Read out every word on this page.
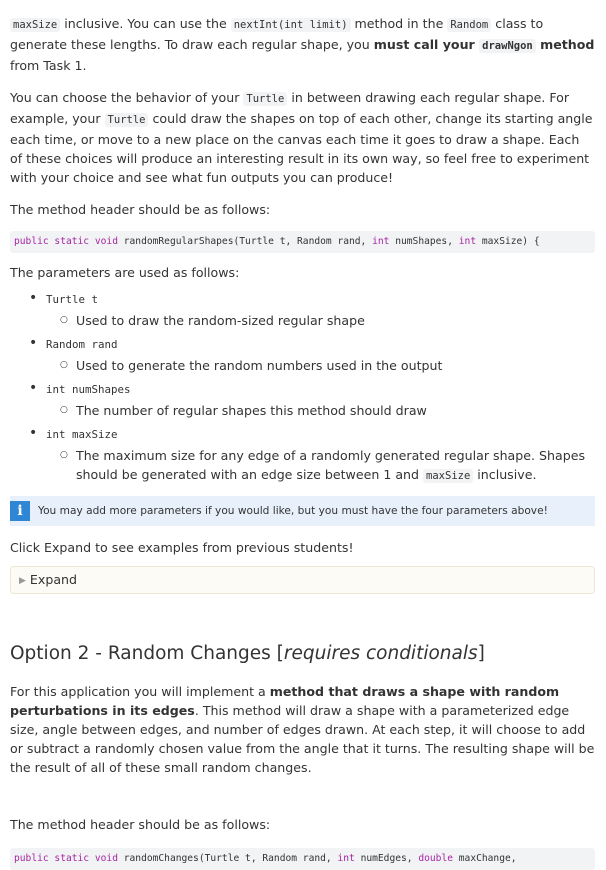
maxSize inclusive. You can use the nextInt(int limit) method in the Random class to generate these lengths. To draw each regular shape, you must call your drawNgon method from Task 1.

You can choose the behavior of your Turtle in between drawing each regular shape. For example, your Turtle could draw the shapes on top of each other, change its starting angle each time, or move to a new place on the canvas each time it goes to draw a shape. Each of these choices will produce an interesting result in its own way, so feel free to experiment with your choice and see what fun outputs you can produce!

The method header should be as follows:

public static void randomRegularShapes(Turtle t, Random rand, int numShapes, int maxSize) {

The parameters are used as follows:

• Turtle t
○ Used to draw the random-sized regular shape
• Random rand
○ Used to generate the random numbers used in the output
• int numShapes
○ The number of regular shapes this method should draw
• int maxSize
○ The maximum size for any edge of a randomly generated regular shape. Shapes should be generated with an edge size between 1 and maxSize inclusive.
i	You may add more parameters if you would like, but you must have the four parameters above!

Click Expand to see examples from previous students!

▶ Expand
Option 2 - Random Changes [requires conditionals]

For this application you will implement a method that draws a shape with random perturbations in its edges. This method will draw a shape with a parameterized edge size, angle between edges, and number of edges drawn. At each step, it will choose to add or subtract a randomly chosen value from the angle that it turns. The resulting shape will be the result of all of these small random changes.

The method header should be as follows:

public static void randomChanges(Turtle t, Random rand, int numEdges, double maxChange,
